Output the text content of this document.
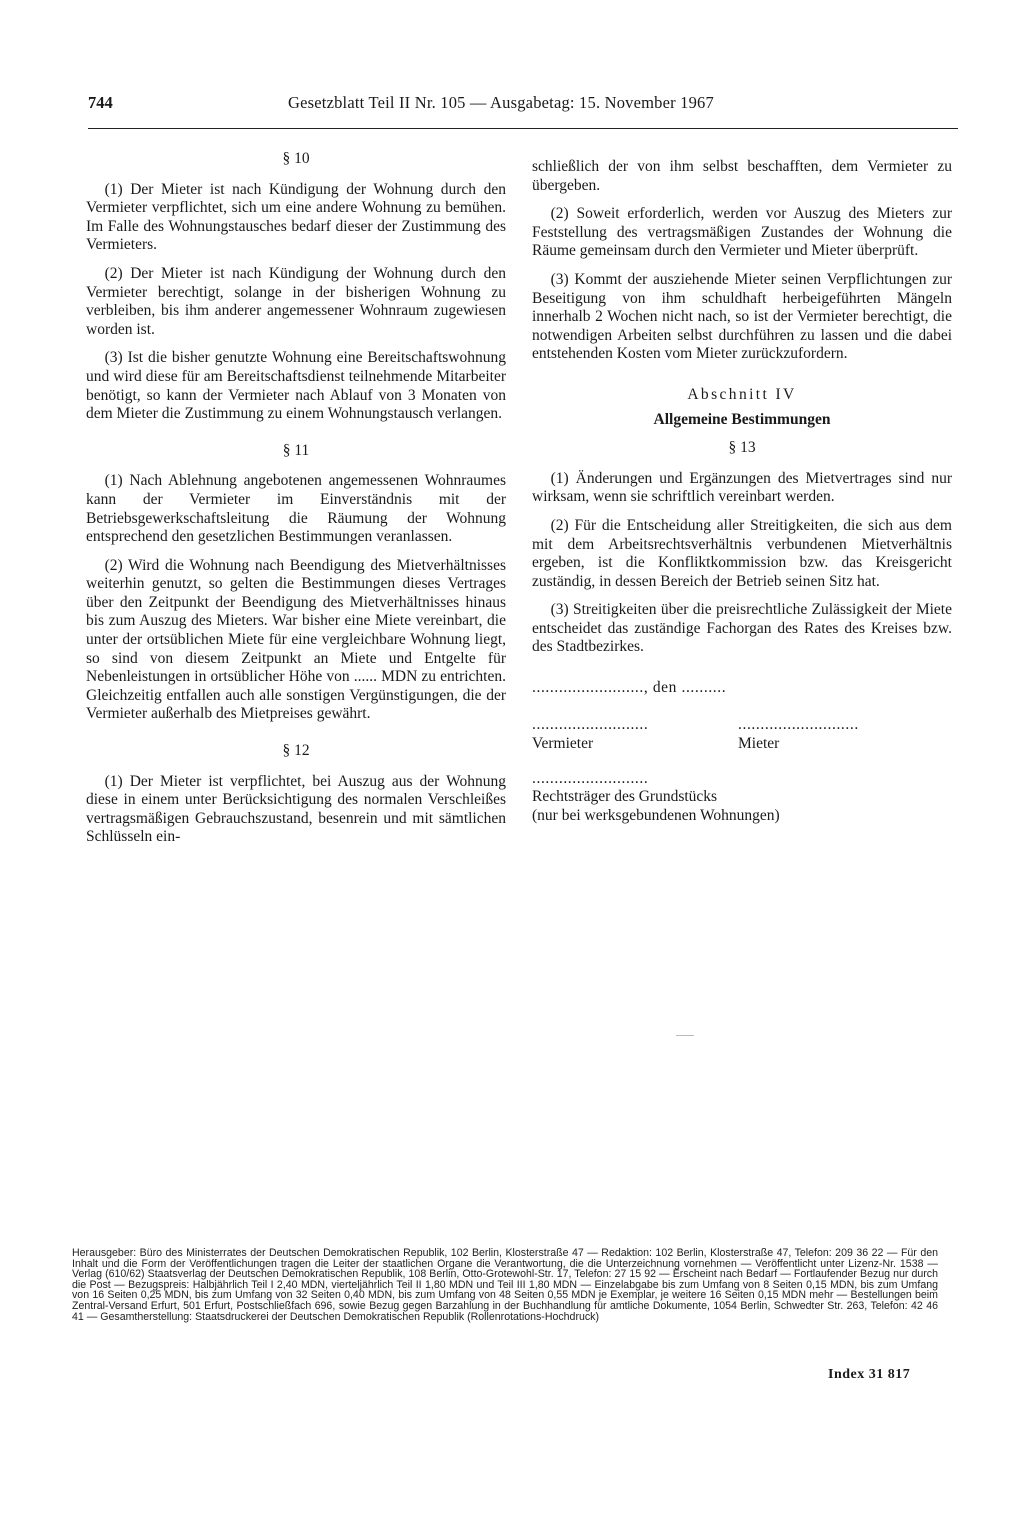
744	Gesetzblatt Teil II Nr. 105 — Ausgabetag: 15. November 1967
§ 10

(1) Der Mieter ist nach Kündigung der Wohnung durch den Vermieter verpflichtet, sich um eine andere Wohnung zu bemühen. Im Falle des Wohnungstausches bedarf dieser der Zustimmung des Vermieters.

(2) Der Mieter ist nach Kündigung der Wohnung durch den Vermieter berechtigt, solange in der bisherigen Wohnung zu verbleiben, bis ihm anderer angemessener Wohnraum zugewiesen worden ist.

(3) Ist die bisher genutzte Wohnung eine Bereitschaftswohnung und wird diese für am Bereitschaftsdienst teilnehmende Mitarbeiter benötigt, so kann der Vermieter nach Ablauf von 3 Monaten von dem Mieter die Zustimmung zu einem Wohnungstausch verlangen.

§ 11

(1) Nach Ablehnung angebotenen angemessenen Wohnraumes kann der Vermieter im Einverständnis mit der Betriebsgewerkschaftsleitung die Räumung der Wohnung entsprechend den gesetzlichen Bestimmungen veranlassen.

(2) Wird die Wohnung nach Beendigung des Mietverhältnisses weiterhin genutzt, so gelten die Bestimmungen dieses Vertrages über den Zeitpunkt der Beendigung des Mietverhältnisses hinaus bis zum Auszug des Mieters. War bisher eine Miete vereinbart, die unter der ortsüblichen Miete für eine vergleichbare Wohnung liegt, so sind von diesem Zeitpunkt an Miete und Entgelte für Nebenleistungen in ortsüblicher Höhe von ...... MDN zu entrichten. Gleichzeitig entfallen auch alle sonstigen Vergünstigungen, die der Vermieter außerhalb des Mietpreises gewährt.

§ 12

(1) Der Mieter ist verpflichtet, bei Auszug aus der Wohnung diese in einem unter Berücksichtigung des normalen Verschleißes vertragsmäßigen Gebrauchszustand, besenrein und mit sämtlichen Schlüsseln ein-

schließlich der von ihm selbst beschafften, dem Vermieter zu übergeben.

(2) Soweit erforderlich, werden vor Auszug des Mieters zur Feststellung des vertragsmäßigen Zustandes der Wohnung die Räume gemeinsam durch den Vermieter und Mieter überprüft.

(3) Kommt der ausziehende Mieter seinen Verpflichtungen zur Beseitigung von ihm schuldhaft herbeigeführten Mängeln innerhalb 2 Wochen nicht nach, so ist der Vermieter berechtigt, die notwendigen Arbeiten selbst durchführen zu lassen und die dabei entstehenden Kosten vom Mieter zurückzufordern.

Abschnitt IV
Allgemeine Bestimmungen
§ 13

(1) Änderungen und Ergänzungen des Mietvertrages sind nur wirksam, wenn sie schriftlich vereinbart werden.

(2) Für die Entscheidung aller Streitigkeiten, die sich aus dem mit dem Arbeitsrechtsverhältnis verbundenen Mietverhältnis ergeben, ist die Konfliktkommission bzw. das Kreisgericht zuständig, in dessen Bereich der Betrieb seinen Sitz hat.

(3) Streitigkeiten über die preisrechtliche Zulässigkeit der Miete entscheidet das zuständige Fachorgan des Rates des Kreises bzw. des Stadtbezirkes.

........................., den ..........
..........................	...........................
Vermieter	Mieter
..........................
Rechtsträger des Grundstücks
(nur bei werksgebundenen Wohnungen)
Herausgeber: Büro des Ministerrates der Deutschen Demokratischen Republik, 102 Berlin, Klosterstraße 47 — Redaktion: 102 Berlin, Klosterstraße 47, Telefon: 209 36 22 — Für den Inhalt und die Form der Veröffentlichungen tragen die Leiter der staatlichen Organe die Verantwortung, die die Unterzeichnung vornehmen — Veröffentlicht unter Lizenz-Nr. 1538 — Verlag (610/62) Staatsverlag der Deutschen Demokratischen Republik, 108 Berlin, Otto-Grotewohl-Str. 17, Telefon: 27 15 92 — Erscheint nach Bedarf — Fortlaufender Bezug nur durch die Post — Bezugspreis: Halbjährlich Teil I 2,40 MDN, vierteljährlich Teil II 1,80 MDN und Teil III 1,80 MDN — Einzelabgabe bis zum Umfang von 8 Seiten 0,15 MDN, bis zum Umfang von 16 Seiten 0,25 MDN, bis zum Umfang von 32 Seiten 0,40 MDN, bis zum Umfang von 48 Seiten 0,55 MDN je Exemplar, je weitere 16 Seiten 0,15 MDN mehr — Bestellungen beim Zentral-Versand Erfurt, 501 Erfurt, Postschließfach 696, sowie Bezug gegen Barzahlung in der Buchhandlung für amtliche Dokumente, 1054 Berlin, Schwedter Str. 263, Telefon: 42 46 41 — Gesamtherstellung: Staatsdruckerei der Deutschen Demokratischen Republik (Rollenrotations-Hochdruck)
Index 31 817
